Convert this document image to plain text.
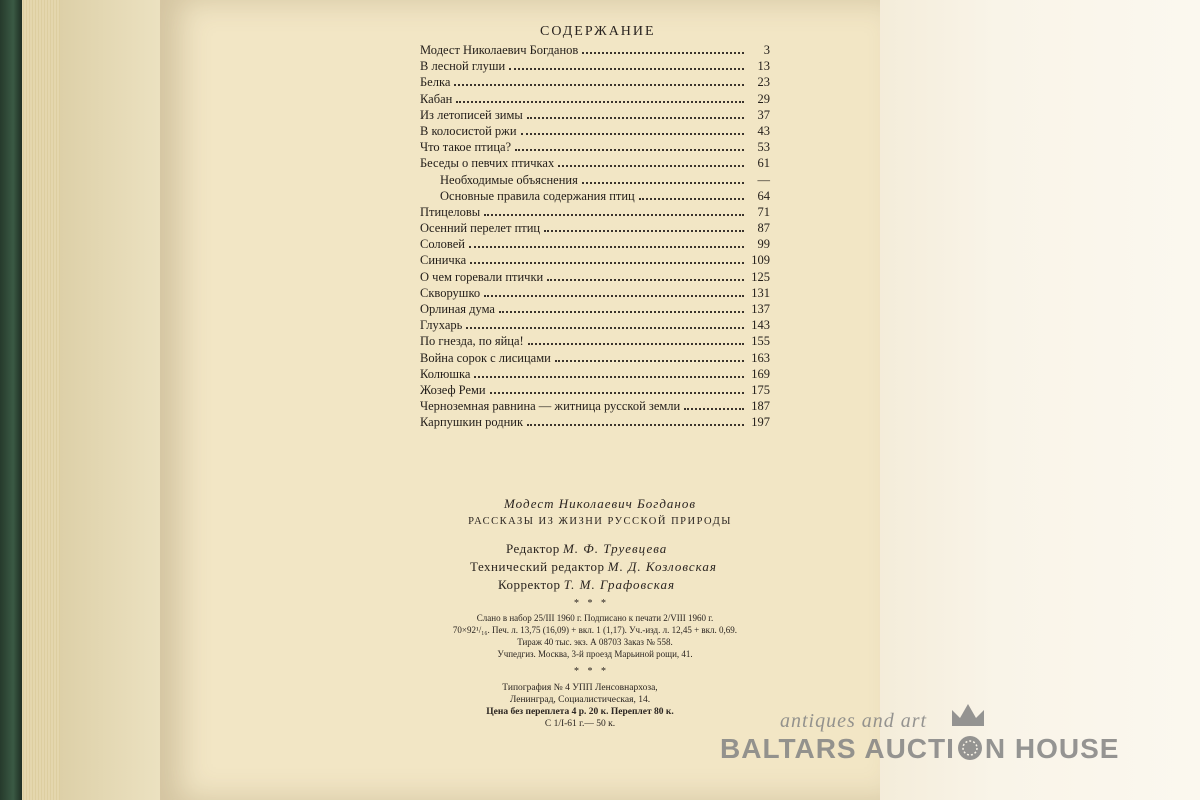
СОДЕРЖАНИЕ
Модест Николаевич Богданов	3
В лесной глуши	13
Белка	23
Кабан	29
Из летописей зимы	37
В колосистой ржи	43
Что такое птица?	53
Беседы о певчих птичках	61
Необходимые объяснения	—
Основные правила содержания птиц	64
Птицеловы	71
Осенний перелет птиц	87
Соловей	99
Синичка	109
О чем горевали птички	125
Скворушко	131
Орлиная дума	137
Глухарь	143
По гнезда, по яйца!	155
Война сорок с лисицами	163
Колюшка	169
Жозеф Реми	175
Черноземная равнина — житница русской земли	187
Карпушкин родник	197
Модест Николаевич Богданов
РАССКАЗЫ ИЗ ЖИЗНИ РУССКОЙ ПРИРОДЫ
Редактор М. Ф. Труевцева
Технический редактор М. Д. Козловская
Корректор Т. М. Графовская
* * *
Слано в набор 25/III 1960 г. Подписано к печати 2/VIII 1960 г.
70×92¹/₁₆. Печ. л. 13,75 (16,09) + вкл. 1 (1,17). Уч.-изд. л. 12,45 + вкл. 0,69.
Тираж 40 тыс. экз. А 08703 Заказ № 558.
Учпедгиз. Москва, 3-й проезд Марьиной рощи, 41.
* * *
Типография № 4 УПП Ленсовнархоза,
Ленинград, Социалистическая, 14.
Цена без переплета 4 р. 20 к. Переплет 80 к.
С 1/I-61 г.— 50 к.	antiques and art
BALTARS AUCTI N HOUSE
